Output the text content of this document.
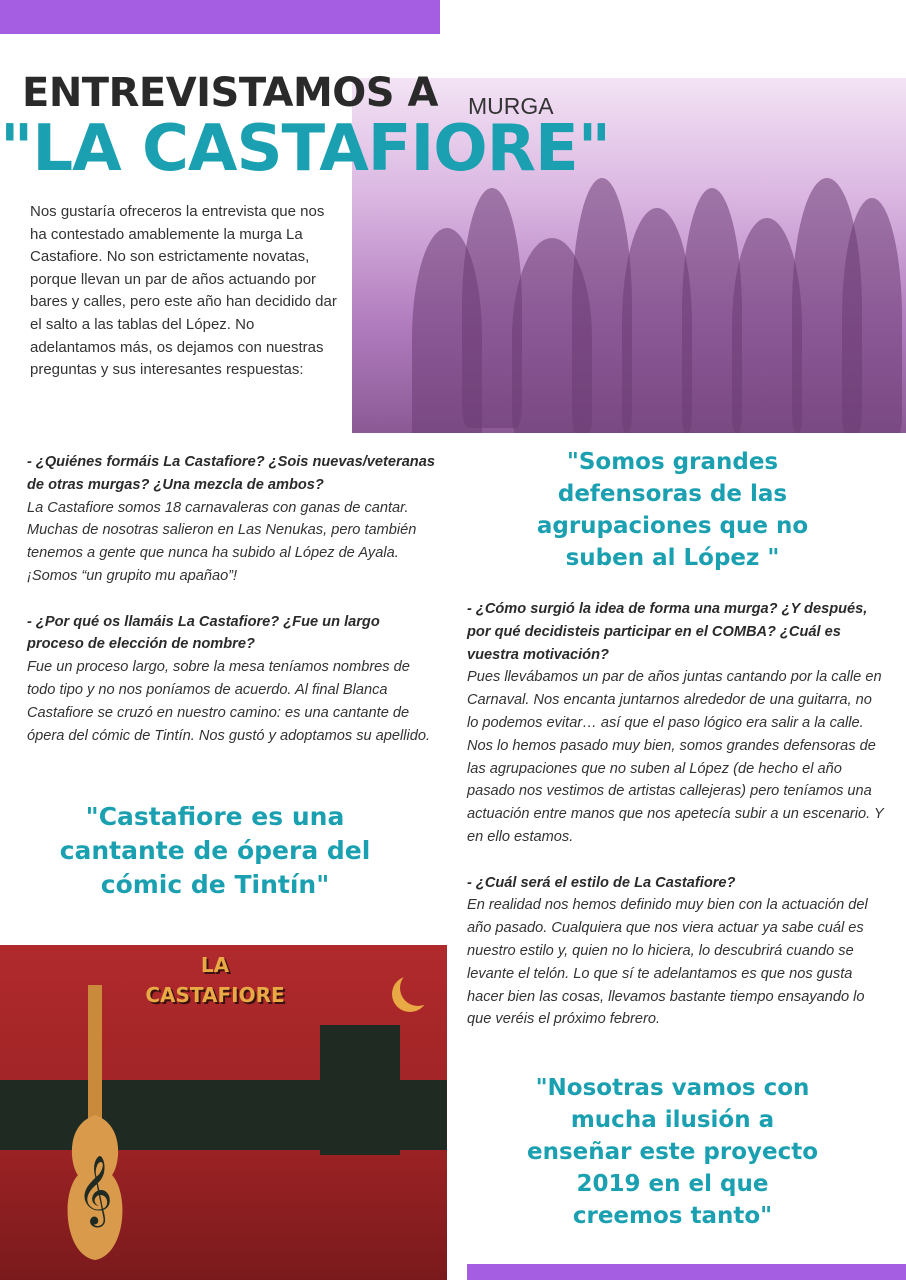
ENTREVISTAMOS A MURGA
"LA CASTAFIORE"
Nos gustaría ofreceros la entrevista que nos ha contestado amablemente la murga La Castafiore. No son estrictamente novatas, porque llevan un par de años actuando por bares y calles, pero este año han decidido dar el salto a las tablas del López. No adelantamos más, os dejamos con nuestras preguntas y sus interesantes respuestas:

- ¿Quiénes formáis La Castafiore? ¿Sois nuevas/veteranas de otras murgas? ¿Una mezcla de ambos?
La Castafiore somos 18 carnavaleras con ganas de cantar. Muchas de nosotras salieron en Las Nenukas, pero también tenemos a gente que nunca ha subido al López de Ayala. ¡Somos “un grupito mu apañao”!

- ¿Por qué os llamáis La Castafiore? ¿Fue un largo proceso de elección de nombre?
Fue un proceso largo, sobre la mesa teníamos nombres de todo tipo y no nos poníamos de acuerdo. Al final Blanca Castafiore se cruzó en nuestro camino: es una cantante de ópera del cómic de Tintín. Nos gustó y adoptamos su apellido.

"Somos grandes defensoras de las agrupaciones que no suben al López "
"Castafiore es una cantante de ópera del cómic de Tintín"
"Nosotras vamos con mucha ilusión a enseñar este proyecto 2019 en el que creemos tanto"

- ¿Cómo surgió la idea de forma una murga? ¿Y después, por qué decidisteis participar en el COMBA? ¿Cuál es vuestra motivación?
Pues llevábamos un par de años juntas cantando por la calle en Carnaval. Nos encanta juntarnos alrededor de una guitarra, no lo podemos evitar… así que el paso lógico era salir a la calle. Nos lo hemos pasado muy bien, somos grandes defensoras de las agrupaciones que no suben al López (de hecho el año pasado nos vestimos de artistas callejeras) pero teníamos una actuación entre manos que nos apetecía subir a un escenario. Y en ello estamos.

- ¿Cuál será el estilo de La Castafiore?
En realidad nos hemos definido muy bien con la actuación del año pasado. Cualquiera que nos viera actuar ya sabe cuál es nuestro estilo y, quien no lo hiciera, lo descubrirá cuando se levante el telón. Lo que sí te adelantamos es que nos gusta hacer bien las cosas, llevamos bastante tiempo ensayando lo que veréis el próximo febrero.

LA
CASTAFIORE
𝄞
